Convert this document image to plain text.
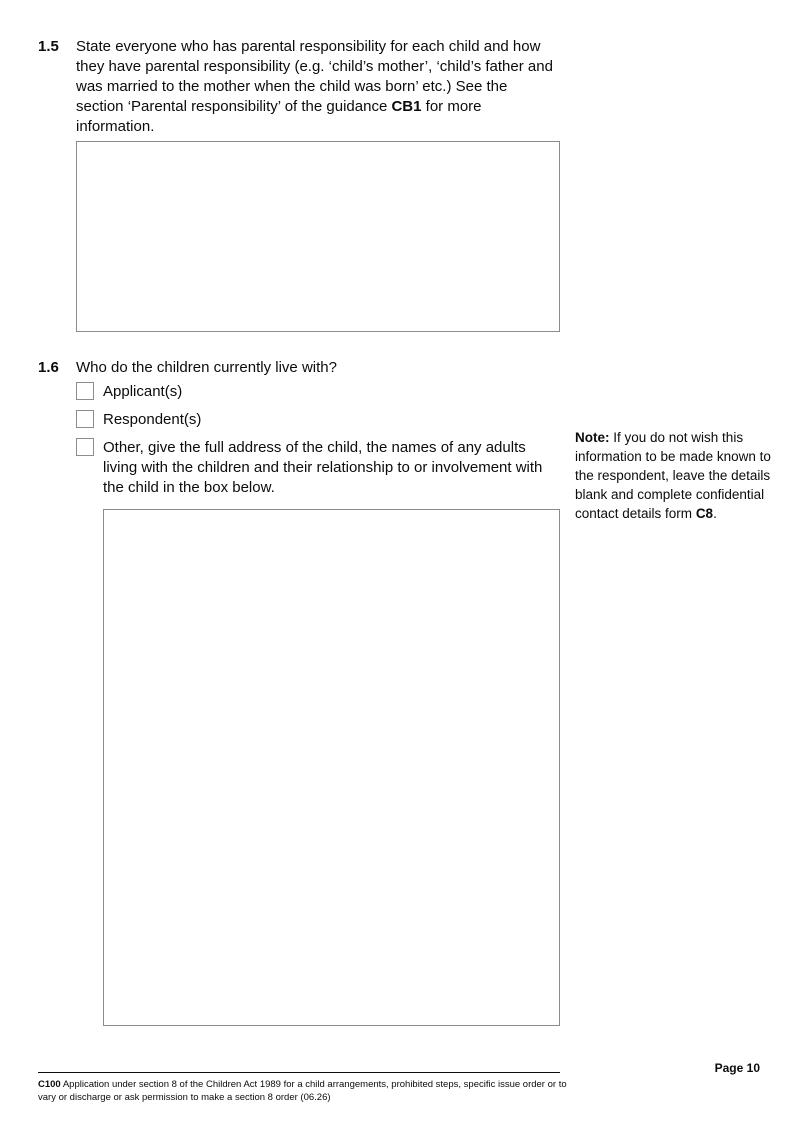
1.5 State everyone who has parental responsibility for each child and how they have parental responsibility (e.g. ‘child’s mother’, ‘child’s father and was married to the mother when the child was born’ etc.) See the section ‘Parental responsibility’ of the guidance CB1 for more information.
1.6 Who do the children currently live with?
Applicant(s)
Respondent(s)
Other, give the full address of the child, the names of any adults living with the children and their relationship to or involvement with the child in the box below.
Note: If you do not wish this information to be made known to the respondent, leave the details blank and complete confidential contact details form C8.
C100 Application under section 8 of the Children Act 1989 for a child arrangements, prohibited steps, specific issue order or to vary or discharge or ask permission to make a section 8 order (06.26)
Page 10
